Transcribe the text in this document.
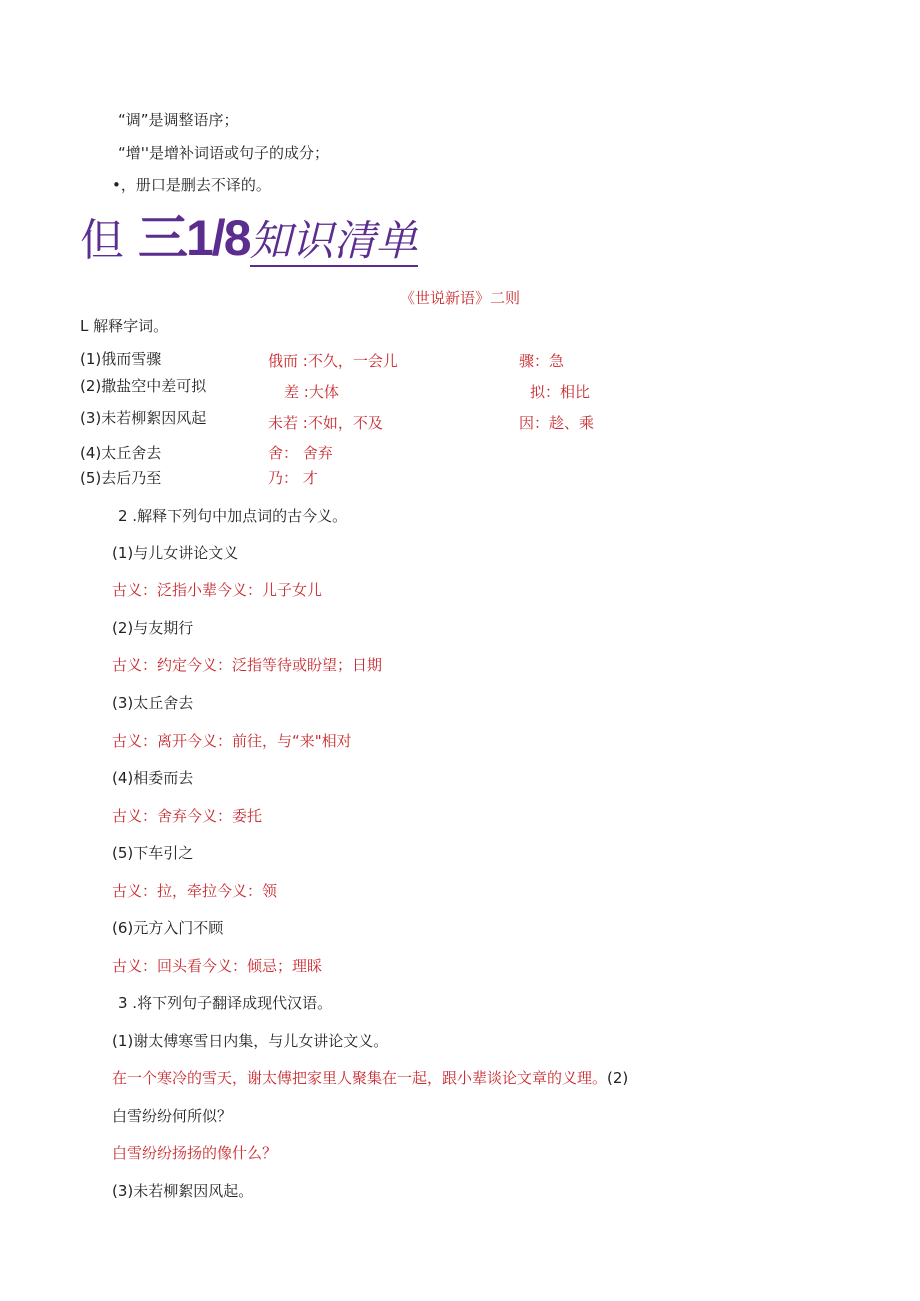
“调”是调整语序；
“增''是增补词语或句子的成分；
•，册口是删去不译的。
但 三1/8知识清单
《世说新语》二则
L 解释字词。
(1)俄而雪骤	俄而 :不久，一会儿	骤：急
(2)撒盐空中差可拟	差 :大体	拟：相比
(3)未若柳絮因风起	未若 :不如，不及	因：趁、乘
(4)太丘舍去	舍： 舍弃
(5)去后乃至	乃： 才
2 .解释下列句中加点词的古今义。
(1)与儿女讲论文义
古义：泛指小辈今义：儿子女儿
(2)与友期行
古义：约定今义：泛指等待或盼望；日期
(3)太丘舍去
古义：离开今义：前往，与“来"相对
(4)相委而去
古义：舍弃今义：委托
(5)下车引之
古义：拉，牵拉今义：领
(6)元方入门不顾
古义：回头看今义：倾忌；理睬
3 .将下列句子翻译成现代汉语。
(1)谢太傅寒雪日内集，与儿女讲论文义。
在一个寒冷的雪天，谢太傅把家里人聚集在一起，跟小辈谈论文章的义理。(2)
白雪纷纷何所似？
白雪纷纷扬扬的像什么？
(3)未若柳絮因风起。
